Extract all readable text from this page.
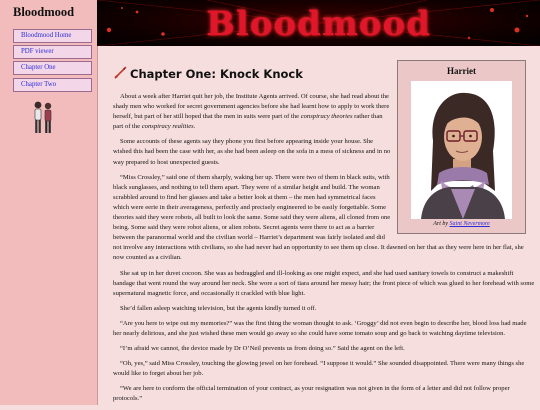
Bloodmood
Bloodmood Home
PDF viewer
Chapter One
Chapter Two
Bloodmood
Chapter One: Knock Knock

About a week after Harriet quit her job, the Institute Agents arrived. Of course, she had read about the shady men who worked for secret government agencies before she had learnt how to apply to work there herself, but part of her still hoped that the men in suits were part of the conspiracy theories rather than part of the conspiracy realities.

Some accounts of these agents say they phone you first before appearing inside your house. She wished this had been the case with her, as she had been asleep on the sofa in a mess of sickness and in no way prepared to host unexpected guests.

“Miss Crossley,” said one of them sharply, waking her up. There were two of them in black suits, with black sunglasses, and nothing to tell them apart. They were of a similar height and build. The woman scrabbled around to find her glasses and take a better look at them – the men had symmetrical faces which were eerie in their averageness, perfectly and precisely engineered to be easily forgettable. Some theories said they were robots, all built to look the same. Some said they were aliens, all cloned from one being. Some said they were robot aliens, or alien robots. Secret agents were there to act as a barrier between the paranormal world and the civilian world – Harriet’s department was fairly isolated and did not involve any interactions with civilians, so she had never had an opportunity to see them up close. It dawned on her that as they were here in her flat, she now counted as a civilian.

She sat up in her duvet cocoon. She was as bedraggled and ill-looking as one might expect, and she had used sanitary towels to construct a makeshift bandage that went round the way around her neck. She wore a sort of tiara around her messy hair; the front piece of which was glued to her forehead with some supernatural magnetic force, and occasionally it crackled with blue light.

She’d fallen asleep watching television, but the agents kindly turned it off.

“Are you here to wipe out my memories?” was the first thing the woman thought to ask. ‘Groggy’ did not even begin to describe her, blood loss had made her nearly delirious, and she just wished these men would go away so she could have some tomato soup and go back to watching daytime television.

“I’m afraid we cannot, the device made by Dr O’Neil prevents us from doing so.” Said the agent on the left.

“Oh, yes,” said Miss Crossley, touching the glowing jewel on her forehead. “I suppose it would.” She sounded disappointed. There were many things she would like to forget about her job.

“We are here to conform the official termination of your contract, as your resignation was not given in the form of a letter and did not follow proper protocols.”

Harriet
Art by Saint Nevermore
